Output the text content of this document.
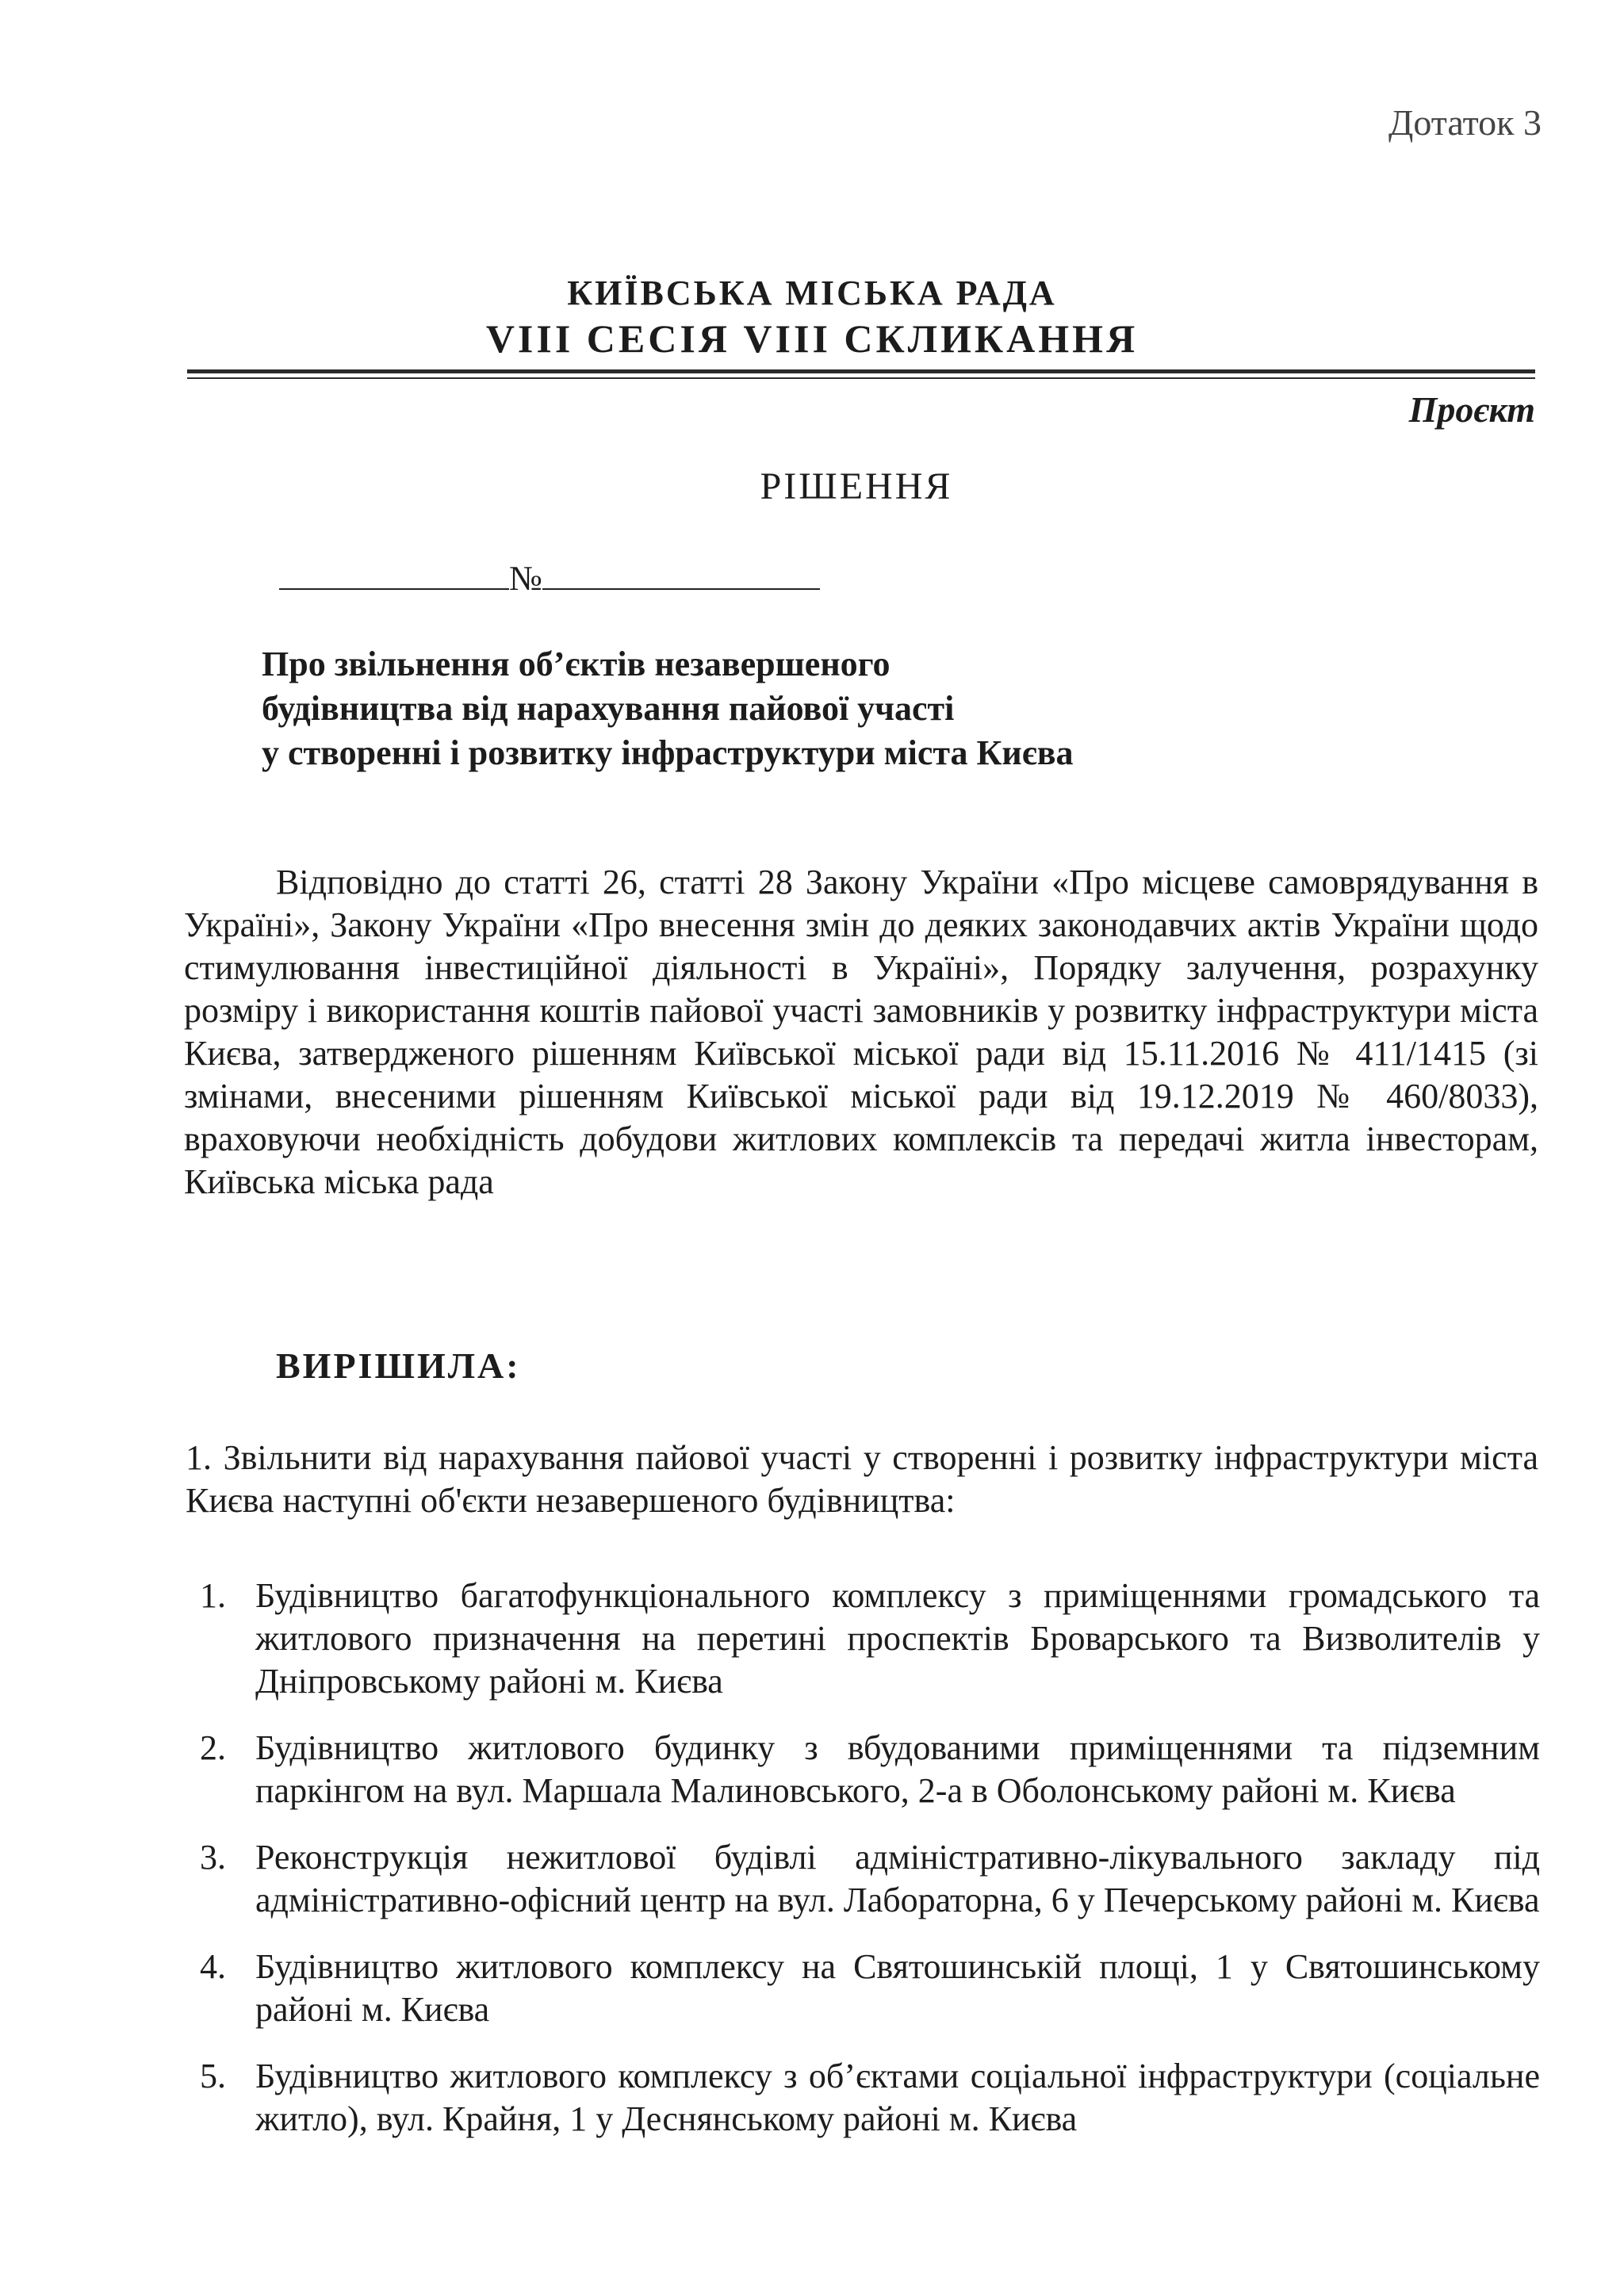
Дотаток 3
КИЇВСЬКА МІСЬКА РАДА
VIII СЕСІЯ VIII СКЛИКАННЯ
Проєкт
РІШЕННЯ
№
Про звільнення об’єктів незавершеного
будівництва від нарахування пайової участі
у створенні і розвитку інфраструктури міста Києва
Відповідно до статті 26, статті 28 Закону України «Про місцеве самоврядування в Україні», Закону України «Про внесення змін до деяких законодавчих актів України щодо стимулювання інвестиційної діяльності в Україні», Порядку залучення, розрахунку розміру і використання коштів пайової участі замовників у розвитку інфраструктури міста Києва, затвердженого рішенням Київської міської ради від 15.11.2016 № 411/1415 (зі змінами, внесеними рішенням Київської міської ради від 19.12.2019 № 460/8033), враховуючи необхідність добудови житлових комплексів та передачі житла інвесторам, Київська міська рада
ВИРІШИЛА:
1. Звільнити від нарахування пайової участі у створенні і розвитку інфраструктури міста Києва наступні об'єкти незавершеного будівництва:
1. Будівництво багатофункціонального комплексу з приміщеннями громадського та житлового призначення на перетині проспектів Броварського та Визволителів у Дніпровському районі м. Києва
2. Будівництво житлового будинку з вбудованими приміщеннями та підземним паркінгом на вул. Маршала Малиновського, 2-а в Оболонському районі м. Києва
3. Реконструкція нежитлової будівлі адміністративно-лікувального закладу під адміністративно-офісний центр на вул. Лабораторна, 6 у Печерському районі м. Києва
4. Будівництво житлового комплексу на Святошинській площі, 1 у Святошинському районі м. Києва
5. Будівництво житлового комплексу з об’єктами соціальної інфраструктури (соціальне житло), вул. Крайня, 1 у Деснянському районі м. Києва
